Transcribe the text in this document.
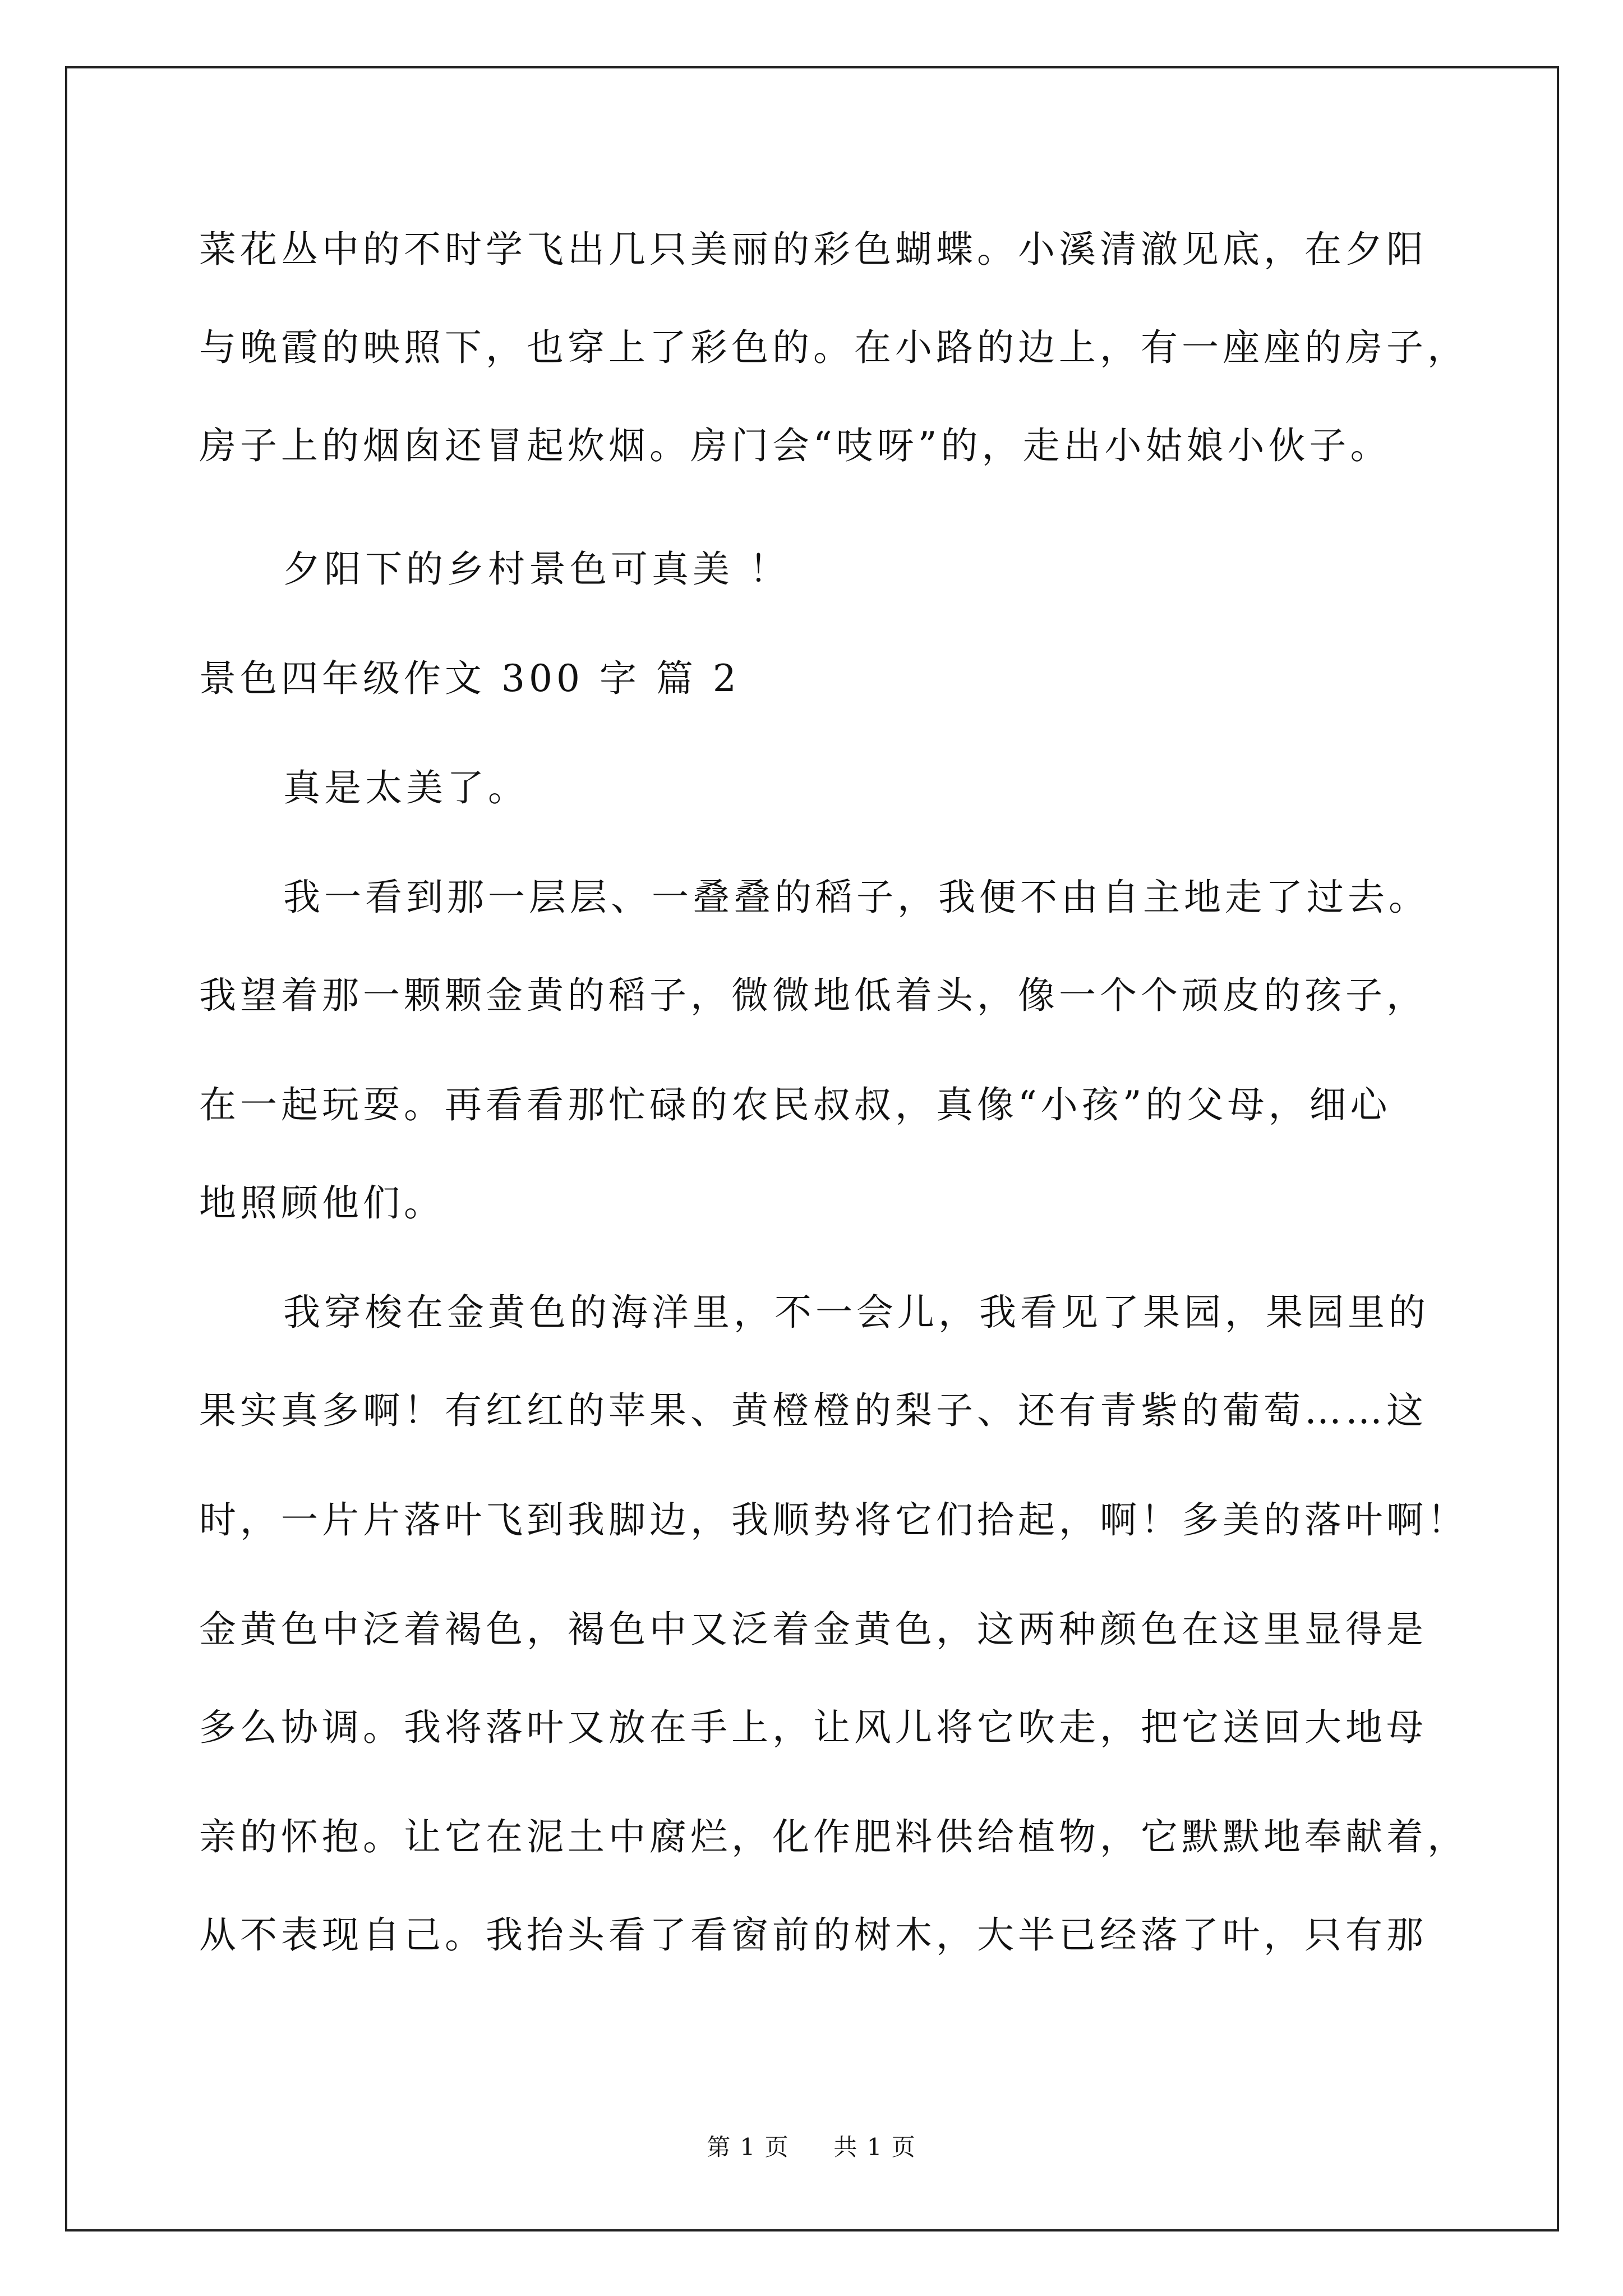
菜花丛中的不时学飞出几只美丽的彩色蝴蝶。小溪清澈见底，在夕阳
与晚霞的映照下，也穿上了彩色的。在小路的边上，有一座座的房子，
房子上的烟囱还冒起炊烟。房门会“吱呀”的，走出小姑娘小伙子。
夕阳下的乡村景色可真美 ！
景色四年级作文 300 字 篇 2
真是太美了。
我一看到那一层层、一叠叠的稻子，我便不由自主地走了过去。
我望着那一颗颗金黄的稻子，微微地低着头，像一个个顽皮的孩子，
在一起玩耍。再看看那忙碌的农民叔叔，真像“小孩”的父母，细心
地照顾他们。
我穿梭在金黄色的海洋里，不一会儿，我看见了果园，果园里的
果实真多啊！有红红的苹果、黄橙橙的梨子、还有青紫的葡萄……这
时，一片片落叶飞到我脚边，我顺势将它们拾起，啊！多美的落叶啊！
金黄色中泛着褐色，褐色中又泛着金黄色，这两种颜色在这里显得是
多么协调。我将落叶又放在手上，让风儿将它吹走，把它送回大地母
亲的怀抱。让它在泥土中腐烂，化作肥料供给植物，它默默地奉献着，
从不表现自己。我抬头看了看窗前的树木，大半已经落了叶，只有那
第 1 页 共 1 页
